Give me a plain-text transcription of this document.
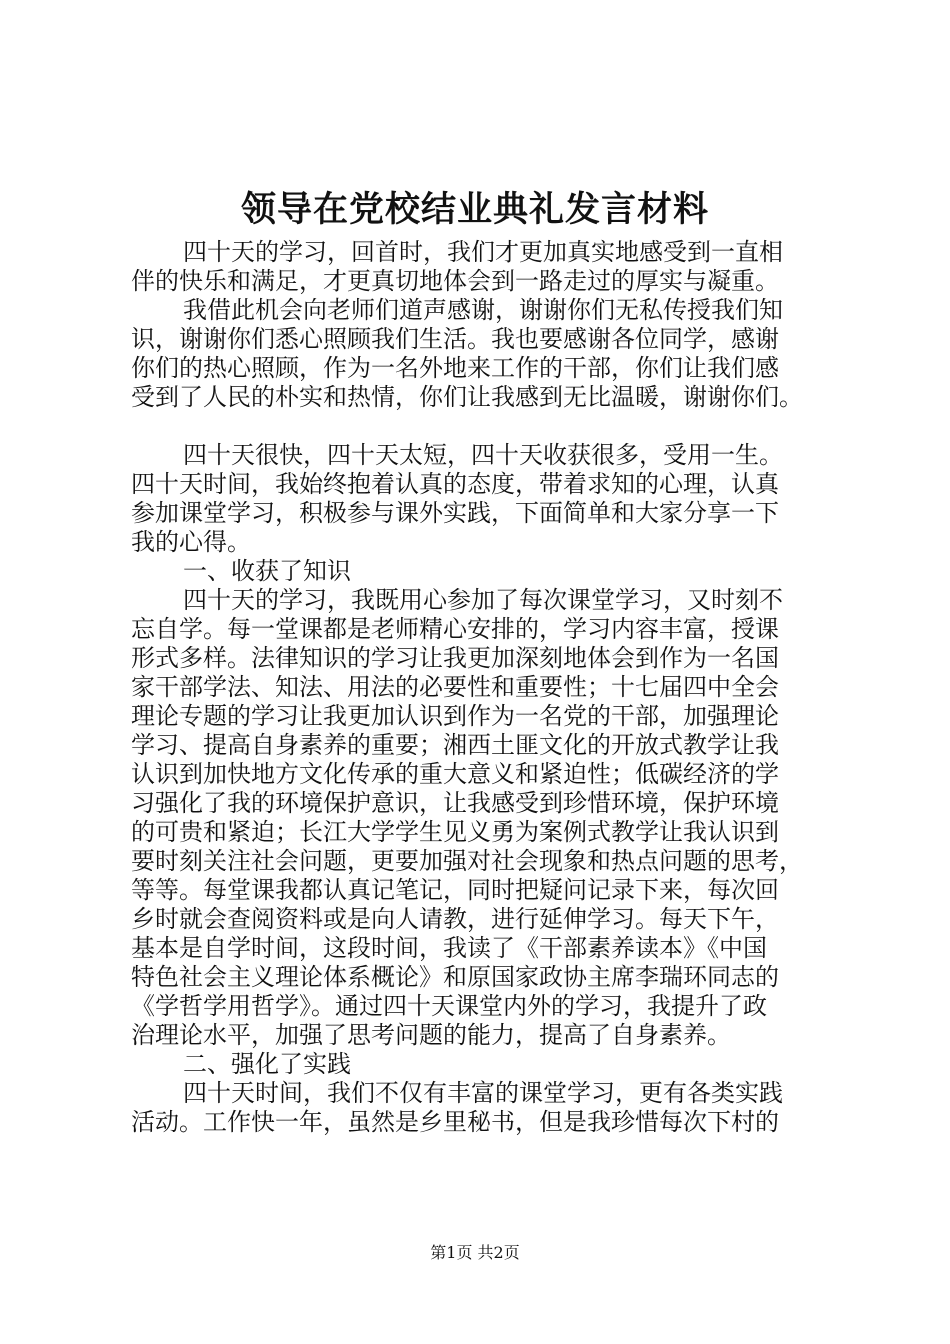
领导在党校结业典礼发言材料
四十天的学习，回首时，我们才更加真实地感受到一直相
伴的快乐和满足，才更真切地体会到一路走过的厚实与凝重。
我借此机会向老师们道声感谢，谢谢你们无私传授我们知
识，谢谢你们悉心照顾我们生活。我也要感谢各位同学，感谢
你们的热心照顾，作为一名外地来工作的干部，你们让我们感
受到了人民的朴实和热情，你们让我感到无比温暖，谢谢你们。
四十天很快，四十天太短，四十天收获很多，受用一生。
四十天时间，我始终抱着认真的态度，带着求知的心理，认真
参加课堂学习，积极参与课外实践，下面简单和大家分享一下
我的心得。
一、收获了知识
四十天的学习，我既用心参加了每次课堂学习，又时刻不
忘自学。每一堂课都是老师精心安排的，学习内容丰富，授课
形式多样。法律知识的学习让我更加深刻地体会到作为一名国
家干部学法、知法、用法的必要性和重要性；十七届四中全会
理论专题的学习让我更加认识到作为一名党的干部，加强理论
学习、提高自身素养的重要；湘西土匪文化的开放式教学让我
认识到加快地方文化传承的重大意义和紧迫性；低碳经济的学
习强化了我的环境保护意识，让我感受到珍惜环境，保护环境
的可贵和紧迫；长江大学学生见义勇为案例式教学让我认识到
要时刻关注社会问题，更要加强对社会现象和热点问题的思考，
等等。每堂课我都认真记笔记，同时把疑问记录下来，每次回
乡时就会查阅资料或是向人请教，进行延伸学习。每天下午，
基本是自学时间，这段时间，我读了《干部素养读本》《中国
特色社会主义理论体系概论》和原国家政协主席李瑞环同志的
《学哲学用哲学》。通过四十天课堂内外的学习，我提升了政
治理论水平，加强了思考问题的能力，提高了自身素养。
二、强化了实践
四十天时间，我们不仅有丰富的课堂学习，更有各类实践
活动。工作快一年，虽然是乡里秘书，但是我珍惜每次下村的
第1页 共2页
